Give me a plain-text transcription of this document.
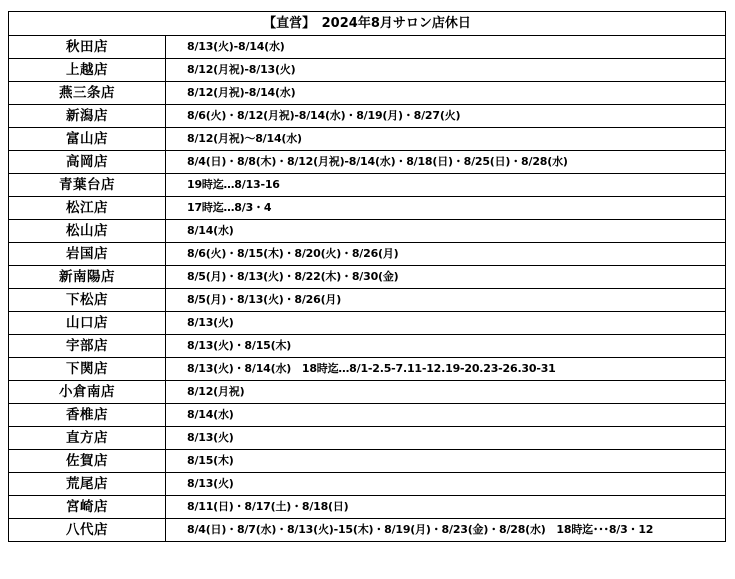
【直営】　2024年8月サロン店休日	
秋田店	8/13(火)-8/14(水)
上越店	8/12(月祝)-8/13(火)
燕三条店	8/12(月祝)-8/14(水)
新潟店	8/6(火)・8/12(月祝)-8/14(水)・8/19(月)・8/27(火)
富山店	8/12(月祝)～8/14(水)
高岡店	8/4(日)・8/8(木)・8/12(月祝)-8/14(水)・8/18(日)・8/25(日)・8/28(水)
青葉台店	19時迄…8/13-16
松江店	17時迄…8/3・4
松山店	8/14(水)
岩国店	8/6(火)・8/15(木)・8/20(火)・8/26(月)
新南陽店	8/5(月)・8/13(火)・8/22(木)・8/30(金)
下松店	8/5(月)・8/13(火)・8/26(月)
山口店	8/13(火)
宇部店	8/13(火)・8/15(木)
下関店	8/13(火)・8/14(水)　18時迄…8/1-2.5-7.11-12.19-20.23-26.30-31
小倉南店	8/12(月祝)
香椎店	8/14(水)
直方店	8/13(火)
佐賀店	8/15(木)
荒尾店	8/13(火)
宮崎店	8/11(日)・8/17(土)・8/18(日)
八代店	8/4(日)・8/7(水)・8/13(火)-15(木)・8/19(月)・8/23(金)・8/28(水)　18時迄･･･8/3・12
